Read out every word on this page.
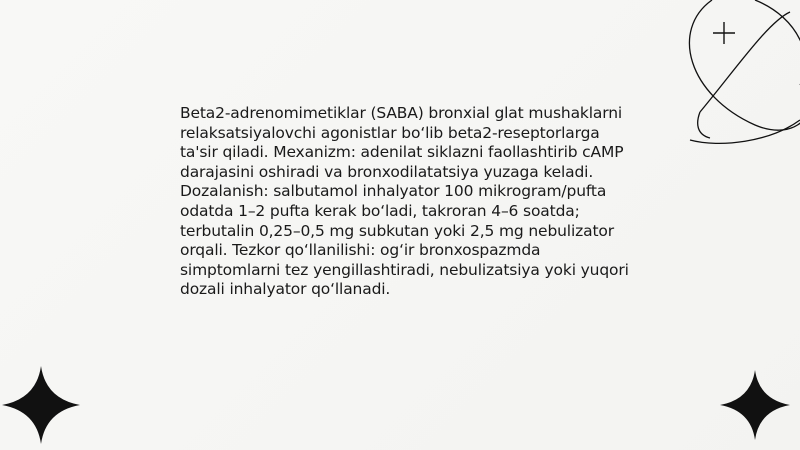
Beta2-adrenomimetiklar (SABA) bronxial glat mushaklarni relaksatsiyalovchi agonistlar bo‘lib beta2-reseptorlarga ta'sir qiladi. Mexanizm: adenilat siklazni faollashtirib cAMP darajasini oshiradi va bronxodilatatsiya yuzaga keladi. Dozalanish: salbutamol inhalyator 100 mikrogram/pufta odatda 1–2 pufta kerak bo‘ladi, takroran 4–6 soatda; terbutalin 0,25–0,5 mg subkutan yoki 2,5 mg nebulizator orqali. Tezkor qo‘llanilishi: og‘ir bronxospazmda simptomlarni tez yengillashtiradi, nebulizatsiya yoki yuqori dozali inhalyator qo‘llanadi.
